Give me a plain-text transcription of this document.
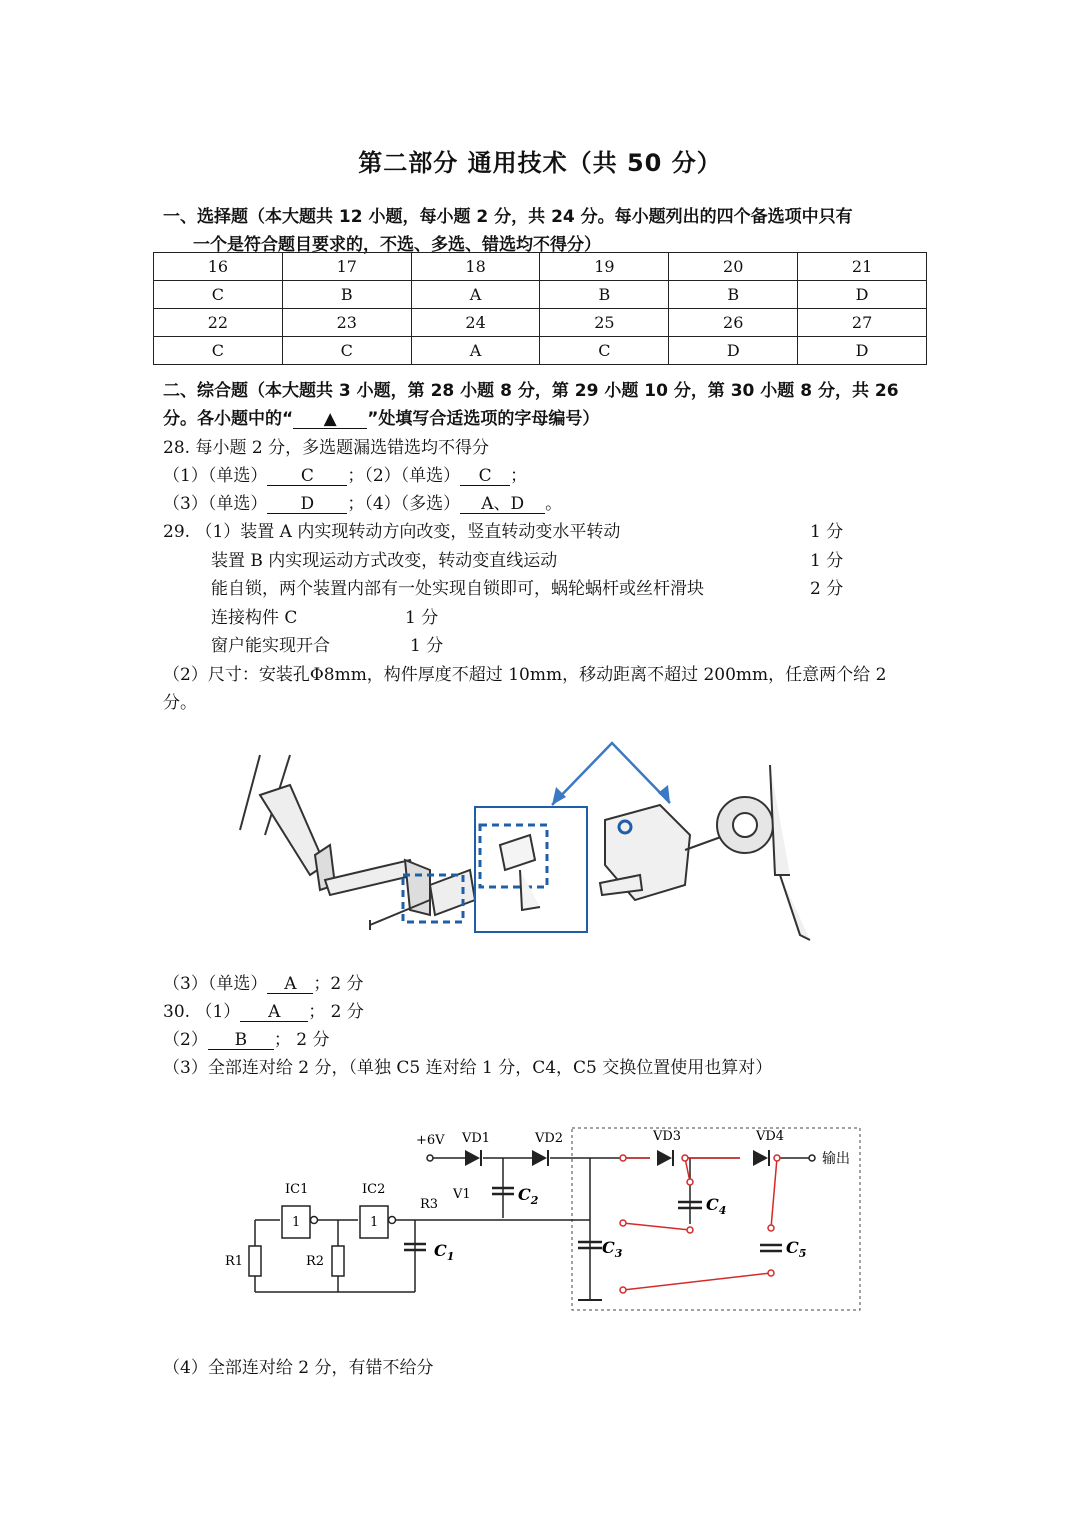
第二部分 通用技术（共 50 分）
一、选择题（本大题共 12 小题，每小题 2 分，共 24 分。每小题列出的四个备选项中只有
一个是符合题目要求的，不选、多选、错选均不得分）
16	17	18	19	20	21
C	B	A	B	B	D
22	23	24	25	26	27
C	C	A	C	D	D
二、综合题（本大题共 3 小题，第 28 小题 8 分，第 29 小题 10 分，第 30 小题 8 分，共 26
分。各小题中的“ ▲ ”处填写合适选项的字母编号）
28. 每小题 2 分，多选题漏选错选均不得分
（1）（单选） C ；（2）（单选） C ；
（3）（单选） D ；（4）（多选） A、D 。
29. （1）装置 A 内实现转动方向改变，竖直转动变水平转动	1 分
装置 B 内实现运动方式改变，转动变直线运动	1 分
能自锁，两个装置内部有一处实现自锁即可，蜗轮蜗杆或丝杆滑块	2 分
连接构件 C	1 分
窗户能实现开合	1 分
（2）尺寸：安装孔Φ8mm，构件厚度不超过 10mm，移动距离不超过 200mm，任意两个给 2
分。
（3）（单选） A ；2 分
30. （1） A ； 2 分
（2） B ； 2 分
（3）全部连对给 2 分，（单独 C5 连对给 1 分，C4，C5 交换位置使用也算对）
+6V VD1	VD2	VD3	VD4
输出
IC1	IC2
1	1
R3
V1
R1	R2
$C_2$
$C_1$	$C_3$
$C_4$
$C_5$
（4）全部连对给 2 分，有错不给分
